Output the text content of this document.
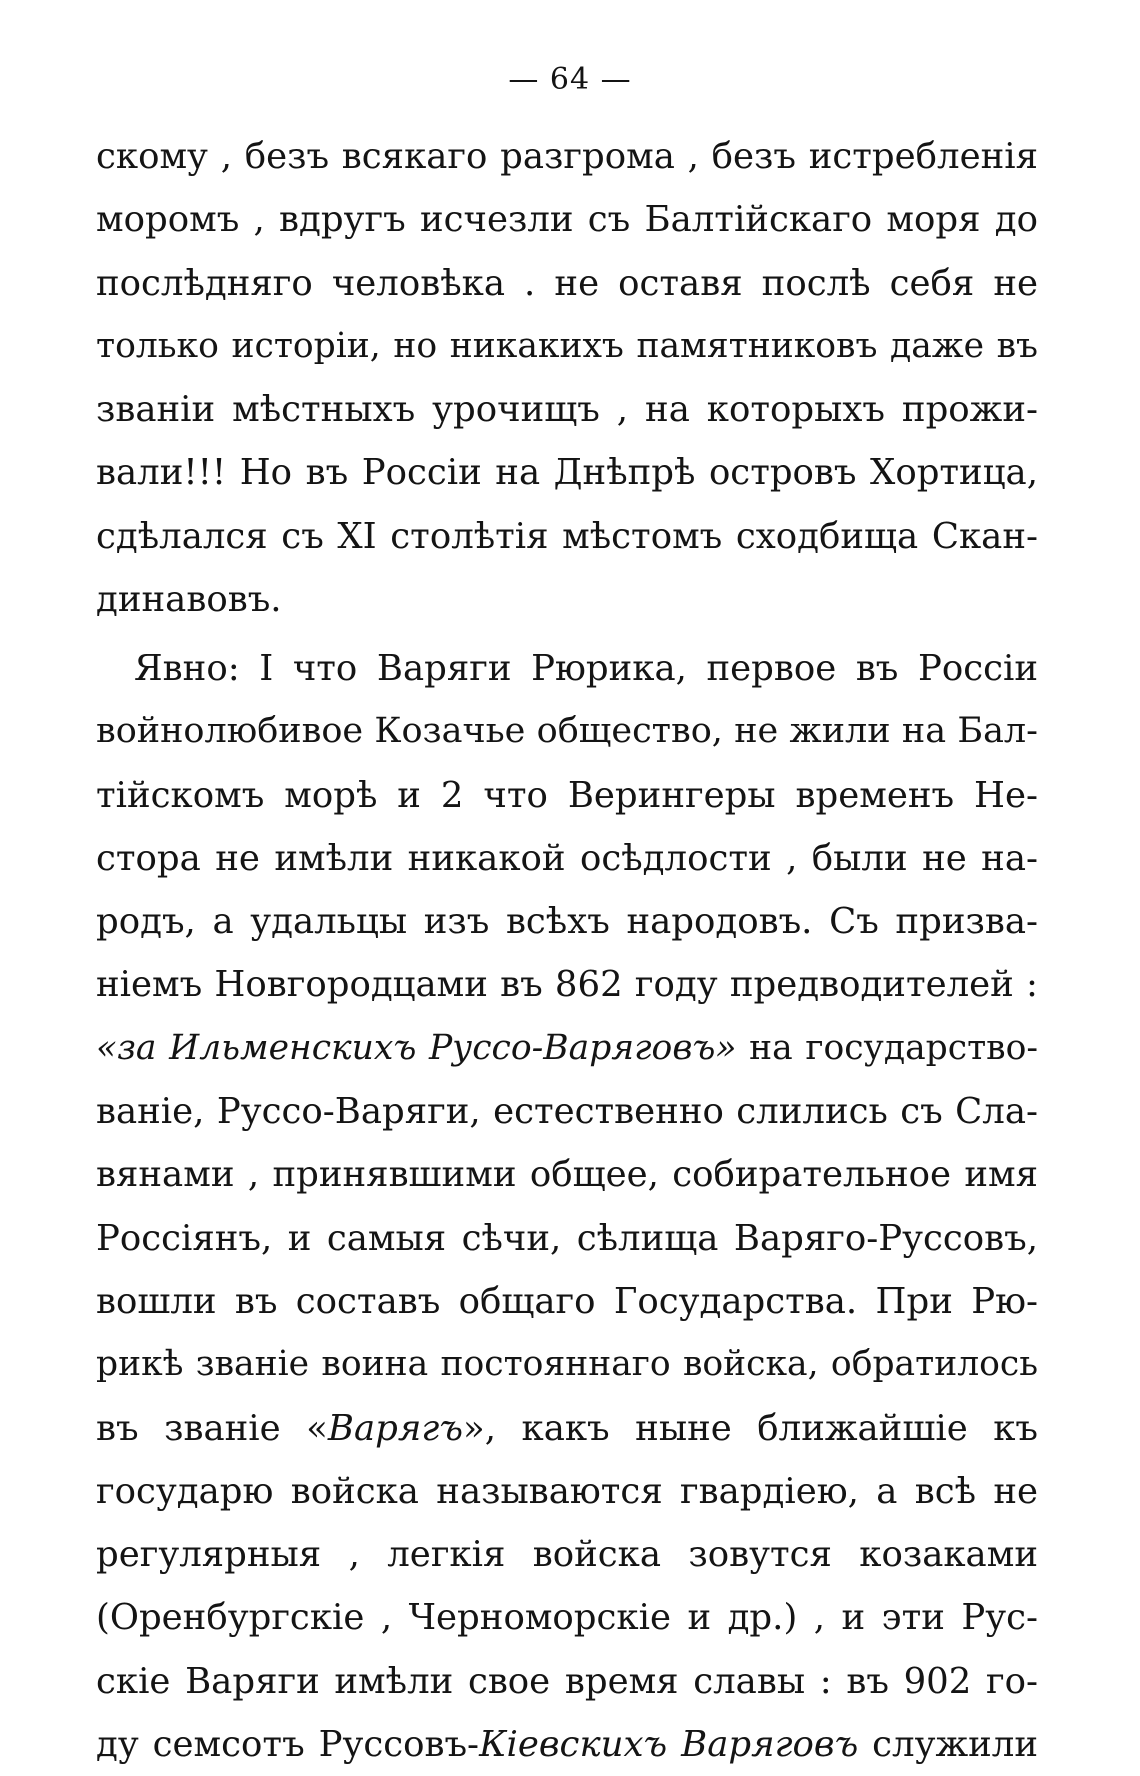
— 64 —
скому , безъ всякаго разгрома , безъ истребленія
моромъ , вдругъ исчезли съ Балтійскаго моря до
послѣдняго человѣка . не оставя послѣ себя не
только исторіи, но никакихъ памятниковъ даже въ
званіи мѣстныхъ урочищъ , на которыхъ прожи-
вали!!! Но въ Россіи на Днѣпрѣ островъ Хортица,
сдѣлался съ XI столѣтія мѣстомъ сходбища Скан-
динавовъ.
Явно: I что Варяги Рюрика, первое въ Россіи
войнолюбивое Козачье общество, не жили на Бал-
тійскомъ морѣ и 2 что Верингеры временъ Не-
стора не имѣли никакой осѣдлости , были не на-
родъ, а удальцы изъ всѣхъ народовъ. Съ призва-
ніемъ Новгородцами въ 862 году предводителей :
«за Ильменскихъ Руссо-Варяговъ» на государство-
ваніе, Руссо-Варяги, естественно слились съ Сла-
вянами , принявшими общее, собирательное имя
Россіянъ, и самыя сѣчи, сѣлища Варяго-Руссовъ,
вошли въ составъ общаго Государства. При Рю-
рикѣ званіе воина постояннаго войска, обратилось
въ званіе «Варягъ», какъ ныне ближайшіе къ
государю войска называются гвардіею, а всѣ не
регулярныя , легкія войска зовутся козаками
(Оренбургскіе , Черноморскіе и др.) , и эти Рус-
скіе Варяги имѣли свое время славы : въ 902 го-
ду семсотъ Руссовъ-Кіевскихъ Варяговъ служили
